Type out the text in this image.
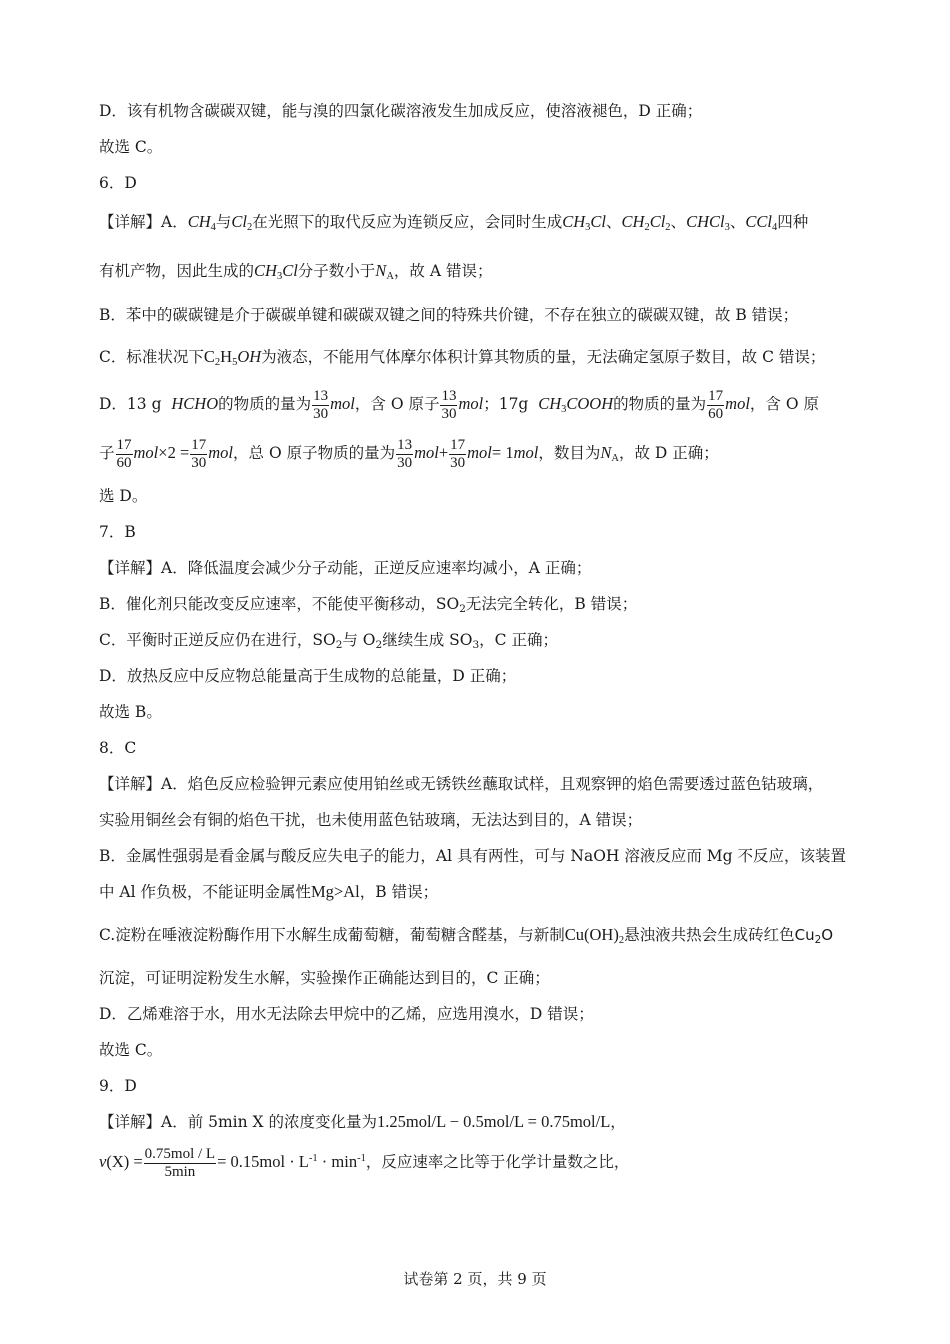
D．该有机物含碳碳双键，能与溴的四氯化碳溶液发生加成反应，使溶液褪色，D 正确；
故选 C。
6．D
【详解】A．$CH_4$与$Cl_2$在光照下的取代反应为连锁反应，会同时生成$CH_3Cl$、$CH_2Cl_2$、CHCl$_3$、CCl$_4$四种
有机产物，因此生成的$CH_3Cl$分子数小于$N_A$，故 A 错误；
B．苯中的碳碳键是介于碳碳单键和碳碳双键之间的特殊共价键，不存在独立的碳碳双键，故 B 错误；
C．标准状况下$C_2H_5OH$为液态，不能用气体摩尔体积计算其物质的量，无法确定氢原子数目，故 C 错误；
D．13 g HCHO的物质的量为 $\frac{13}{30}$ mol，含 O 原子 $\frac{13}{30}$ mol；17g $CH_3COOH$的物质的量为 $\frac{17}{60}$ mol，含 O 原
子 $\frac{17}{60} mol\times 2 = \frac{17}{30}$ mol，总 O 原子物质的量为 $\frac{13}{30} mol+ \frac{17}{30} mol= 1mol$，数目为$N_A$，故 D 正确；
选 D。
7．B
【详解】A．降低温度会减少分子动能，正逆反应速率均减小，A 正确；
B．催化剂只能改变反应速率，不能使平衡移动，$SO_2$无法完全转化，B 错误；
C．平衡时正逆反应仍在进行，$SO_2$与 $O_2$继续生成 $SO_3$，C 正确；
D．放热反应中反应物总能量高于生成物的总能量，D 正确；
故选 B。
8．C
【详解】A．焰色反应检验钾元素应使用铂丝或无锈铁丝蘸取试样，且观察钾的焰色需要透过蓝色钴玻璃，
实验用铜丝会有铜的焰色干扰，也未使用蓝色钴玻璃，无法达到目的，A 错误；
B．金属性强弱是看金属与酸反应失电子的能力，Al 具有两性，可与 NaOH 溶液反应而 Mg 不反应，该装置
中 Al 作负极，不能证明金属性Mg>Al，B 错误；
C.淀粉在唾液淀粉酶作用下水解生成葡萄糖，葡萄糖含醛基，与新制$Cu(OH)_2$悬浊液共热会生成砖红色$Cu_2O$
沉淀，可证明淀粉发生水解，实验操作正确能达到目的，C 正确；
D．乙烯难溶于水，用水无法除去甲烷中的乙烯，应选用溴水，D 错误；
故选 C。
9．D
【详解】A．前 5min X 的浓度变化量为1.25mol/L − 0.5mol/L = 0.75mol/L，
$v(X) = \frac{\text{0.75mol / L}}{5\min} = 0.15mol \cdot L^{-1} \cdot \min^{-1}$，反应速率之比等于化学计量数之比，
试卷第 2 页，共 9 页
